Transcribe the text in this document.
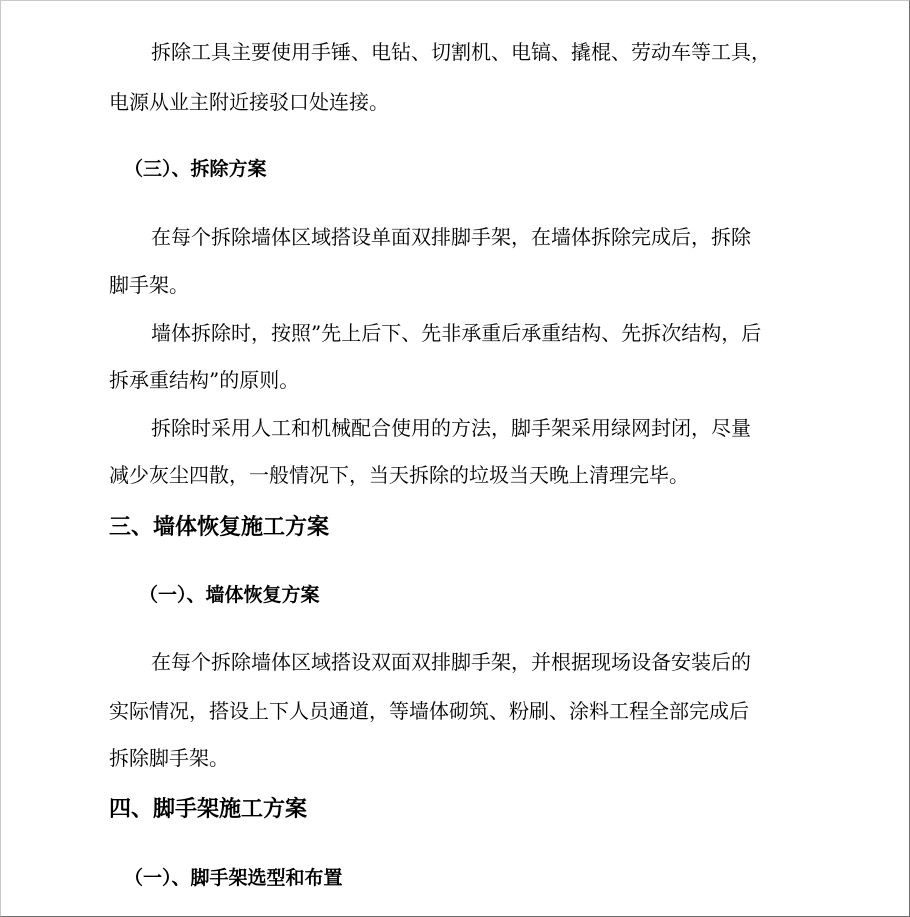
拆除工具主要使用手锤、电钻、切割机、电镐、撬棍、劳动车等工具，
电源从业主附近接驳口处连接。
（三）、拆除方案
在每个拆除墙体区域搭设单面双排脚手架，在墙体拆除完成后，拆除
脚手架。
墙体拆除时，按照”先上后下、先非承重后承重结构、先拆次结构，后
拆承重结构”的原则。
拆除时采用人工和机械配合使用的方法，脚手架采用绿网封闭，尽量
减少灰尘四散，一般情况下，当天拆除的垃圾当天晚上清理完毕。
三、墙体恢复施工方案
（一）、墙体恢复方案
在每个拆除墙体区域搭设双面双排脚手架，并根据现场设备安装后的
实际情况，搭设上下人员通道，等墙体砌筑、粉刷、涂料工程全部完成后
拆除脚手架。
四、脚手架施工方案
（一）、脚手架选型和布置
